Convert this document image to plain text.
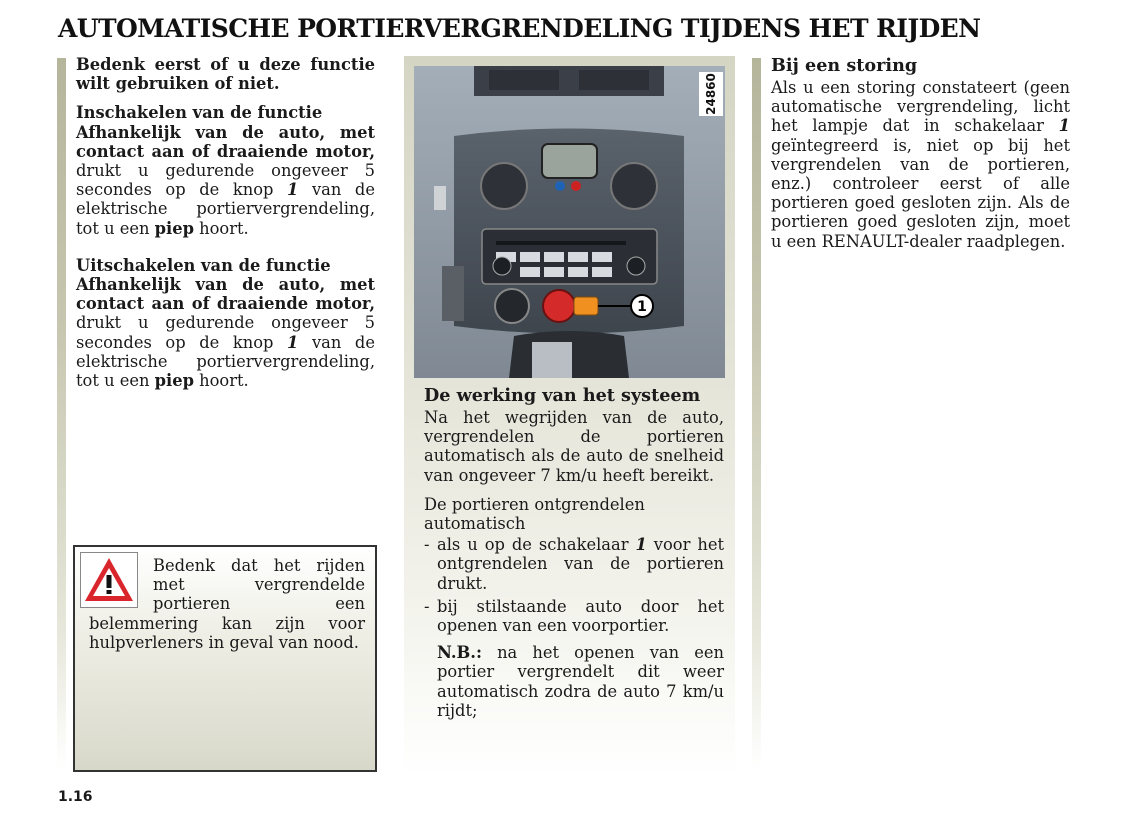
AUTOMATISCHE PORTIERVERGRENDELING TIJDENS HET RIJDEN

Bedenk eerst of u deze functie wilt gebruiken of niet.

Inschakelen van de functie

Afhankelijk van de auto, met contact aan of draaiende motor, drukt u gedurende ongeveer 5 secondes op de knop 1 van de elektrische portiervergrendeling, tot u een piep hoort.

Uitschakelen van de functie

Afhankelijk van de auto, met contact aan of draaiende motor, drukt u gedurende ongeveer 5 secondes op de knop 1 van de elektrische portiervergrendeling, tot u een piep hoort.

Bedenk dat het rijden met vergrendelde portieren een belemmering kan zijn voor hulpverleners in geval van nood.
1
24860

De werking van het systeem

Na het wegrijden van de auto, vergrendelen de portieren automatisch als de auto de snelheid van ongeveer 7 km/u heeft bereikt.

De portieren ontgrendelen automatisch

- als u op de schakelaar 1 voor het ontgrendelen van de portieren drukt.
- bij stilstaande auto door het openen van een voorportier.

N.B.: na het openen van een portier vergrendelt dit weer automatisch zodra de auto 7 km/u rijdt;

Bij een storing

Als u een storing constateert (geen automatische vergrendeling, licht het lampje dat in schakelaar 1 geïntegreerd is, niet op bij het vergrendelen van de portieren, enz.) controleer eerst of alle portieren goed gesloten zijn. Als de portieren goed gesloten zijn, moet u een RENAULT-dealer raadplegen.

1.16
